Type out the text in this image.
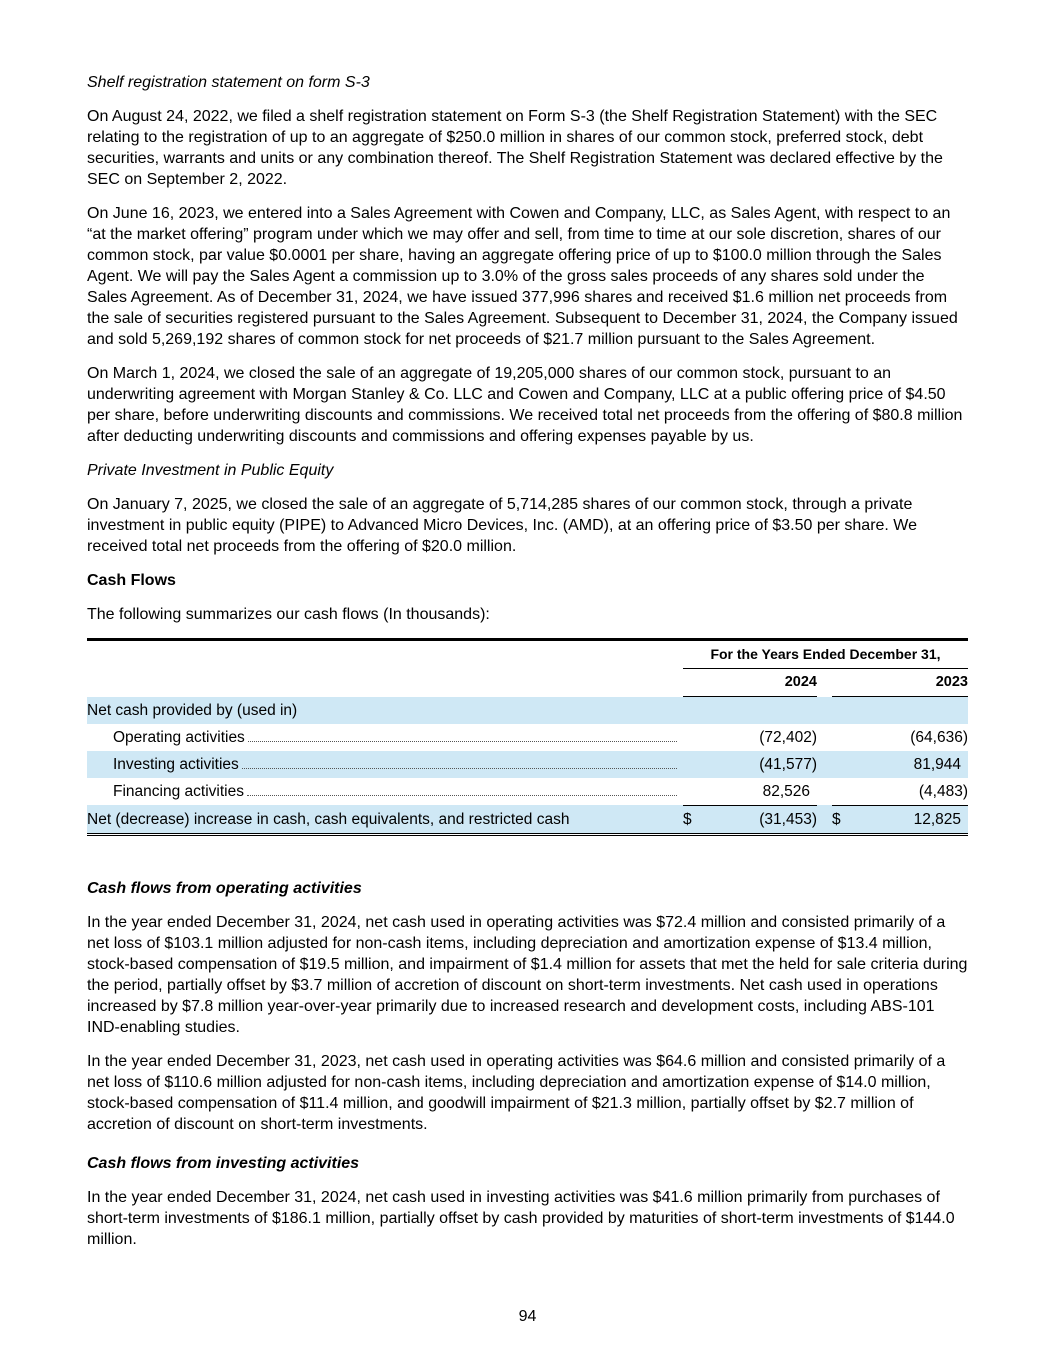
Shelf registration statement on form S-3

On August 24, 2022, we filed a shelf registration statement on Form S-3 (the Shelf Registration Statement) with the SEC relating to the registration of up to an aggregate of $250.0 million in shares of our common stock, preferred stock, debt securities, warrants and units or any combination thereof. The Shelf Registration Statement was declared effective by the SEC on September 2, 2022.

On June 16, 2023, we entered into a Sales Agreement with Cowen and Company, LLC, as Sales Agent, with respect to an “at the market offering” program under which we may offer and sell, from time to time at our sole discretion, shares of our common stock, par value $0.0001 per share, having an aggregate offering price of up to $100.0 million through the Sales Agent. We will pay the Sales Agent a commission up to 3.0% of the gross sales proceeds of any shares sold under the Sales Agreement. As of December 31, 2024, we have issued 377,996 shares and received $1.6 million net proceeds from the sale of securities registered pursuant to the Sales Agreement. Subsequent to December 31, 2024, the Company issued and sold 5,269,192 shares of common stock for net proceeds of $21.7 million pursuant to the Sales Agreement.

On March 1, 2024, we closed the sale of an aggregate of 19,205,000 shares of our common stock, pursuant to an underwriting agreement with Morgan Stanley & Co. LLC and Cowen and Company, LLC at a public offering price of $4.50 per share, before underwriting discounts and commissions. We received total net proceeds from the offering of $80.8 million after deducting underwriting discounts and commissions and offering expenses payable by us.

Private Investment in Public Equity

On January 7, 2025, we closed the sale of an aggregate of 5,714,285 shares of our common stock, through a private investment in public equity (PIPE) to Advanced Micro Devices, Inc. (AMD), at an offering price of $3.50 per share. We received total net proceeds from the offering of $20.0 million.

Cash Flows

The following summarizes our cash flows (In thousands):

	For the Years Ended December 31,				
	2024			2023	
Net cash provided by (used in)					

Operating activities		(72,402)			(64,636)

Investing activities		(41,577)			81,944

Financing activities		82,526			(4,483)
Net (decrease) increase in cash, cash equivalents, and restricted cash	$	(31,453)		$	12,825
Cash flows from operating activities

In the year ended December 31, 2024, net cash used in operating activities was $72.4 million and consisted primarily of a net loss of $103.1 million adjusted for non-cash items, including depreciation and amortization expense of $13.4 million, stock-based compensation of $19.5 million, and impairment of $1.4 million for assets that met the held for sale criteria during the period, partially offset by $3.7 million of accretion of discount on short-term investments. Net cash used in operations increased by $7.8 million year-over-year primarily due to increased research and development costs, including ABS-101 IND-enabling studies.

In the year ended December 31, 2023, net cash used in operating activities was $64.6 million and consisted primarily of a net loss of $110.6 million adjusted for non-cash items, including depreciation and amortization expense of $14.0 million, stock-based compensation of $11.4 million, and goodwill impairment of $21.3 million, partially offset by $2.7 million of accretion of discount on short-term investments.

Cash flows from investing activities

In the year ended December 31, 2024, net cash used in investing activities was $41.6 million primarily from purchases of short-term investments of $186.1 million, partially offset by cash provided by maturities of short-term investments of $144.0 million.

94
